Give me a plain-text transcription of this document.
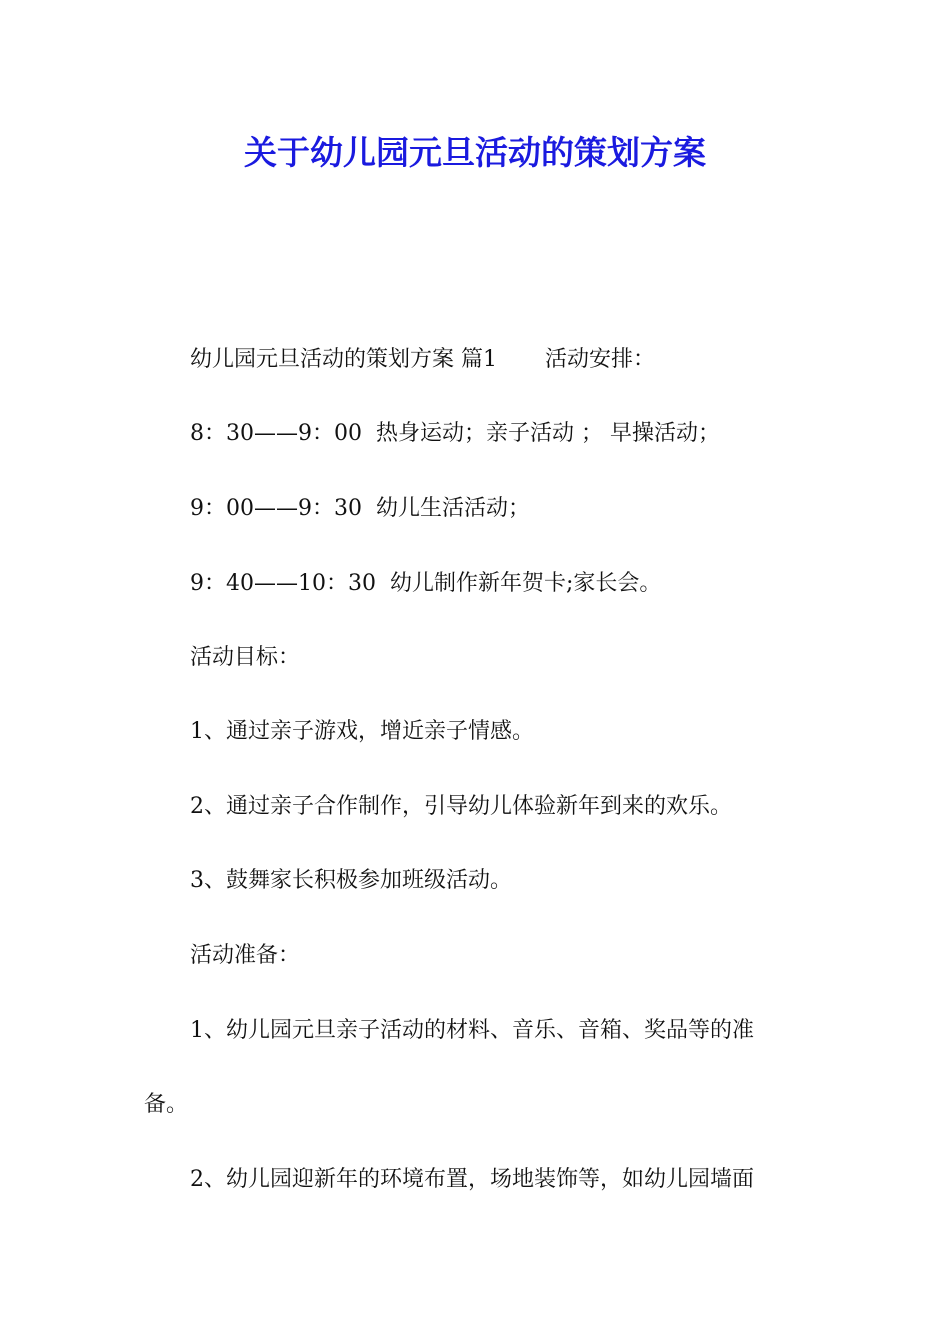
关于幼儿园元旦活动的策划方案

幼儿园元旦活动的策划方案 篇1 活动安排：

8：30——9：00  热身运动；亲子活动 ； 早操活动；

9：00——9：30  幼儿生活活动；

9：40——10：30  幼儿制作新年贺卡;家长会。

活动目标：

1、通过亲子游戏，增近亲子情感。

2、通过亲子合作制作，引导幼儿体验新年到来的欢乐。

3、鼓舞家长积极参加班级活动。

活动准备：

1、幼儿园元旦亲子活动的材料、音乐、音箱、奖品等的准

备。

2、幼儿园迎新年的环境布置，场地装饰等，如幼儿园墙面
